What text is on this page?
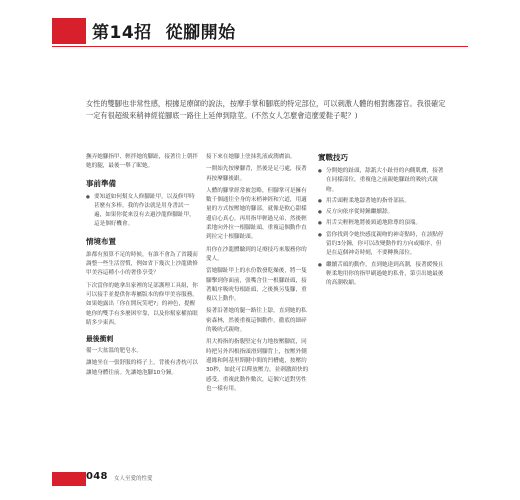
第14招 從腳開始
女性的雙腳也非常性感，根據足療師的說法，按摩手掌和腳底的特定部位，可以刺激人體的相對應器官。我很確定一定有很超級來稍神經從腳底一路往上延伸到陰莖。(不然女人怎麼會這麼愛鞋子呢？)

撫弄她腳指甲、輕拌她的腳趾，接著往上朝拌她的腿，最後一舉了昵她。

事前準備
● 要知道如何幫女人修腳趾甲，以及修甲時甚麼有多棒。我的作法就是用身書試一遍，如果你從來沒有去過沙龍修腳趾甲，這是個好機會。
情境布置

誰都有預算不足的時候，有誰不會為了省錢而調整一些生活習慣，例如省下幾次上沙龍做修甲美容這種小小的奢侈享受？

下次當你的她拿出家裡的足部護理工具組，你可以接手並提供你專屬版本的修甲美容服務。如果她露出「你在開玩笑吧?」的神色，提醒她你的雙手有多麼困窄靠，以及你幫家權拍眼睛多少東西。

最後衝刺

備一大盆溫的肥皂水。

讓她坐在一張舒服的椅子上，背後有書枕可以讓她身體往前。先讓她泡腳10分鐘。

接下來在她腳上塗抹乳液或潤膚油。

一開始先按摩腳背，然後是足弓處，接著再按摩腳後跟。

人體的腳掌經常被忽略，但腳掌可是擁有數千個通往全身的末梢神經和穴道，用適量的方式按壓她的腳部，就像是軟心甜樣邊肩心真心。再用指甲輕過兄弟，然後輕柔地向外拉一根腳趾頭，重複這個動作直到拉完十根腳趾頭。

用你在沙龍體驗到的足療技巧來服務你的愛人。

當她腳趾甲上的水份散發乾燥後，將一隻腳擊到你面前，張嘴含住一根腳趾頭，接著順序吸吮每根趾頭，之後換另隻腳，重複以上動作。

接著沿著她的腿一路往上舔，直到她的私密森林，然後重複這個動作，徹底的細碎的吸吮式親吻。

用大拇指的指腹堅定有力地按壓腳底，同時把另外四根指頭滑到腳背上，按壓外側邊緣和阿基里斯腱中間的凹槽處，按壓約30秒，如此可以釋放壓力，並刺激頸快的感受。重複此動作數次，這個穴道對男性也一樣有用。

實戰技巧
● 分開她的趾頭，舔舐大小趾骨的內側肌膚，接著在同樣部位，重複他之前親她腳趾的吸吮式親吻。
● 用舌頭輕柔地舔著她的指骨部區。
● 反方向依序從時鐘繼續舔。
● 用舌尖輕輕地將後頸通地除尊的頂端。
● 當你找到令她快感度親吻的神奇點時，在該點停留約3分鐘，你可以改變動作的方向或順序，但是在這個神奇時刻，不要轉換部位。
● 繼續舌頭的動作，直到她達到高潮，接著緩慢且輕柔地用你的指甲刷過她的私骨，第引出她最後的高潮收縮。
048 女人至愛的性愛
